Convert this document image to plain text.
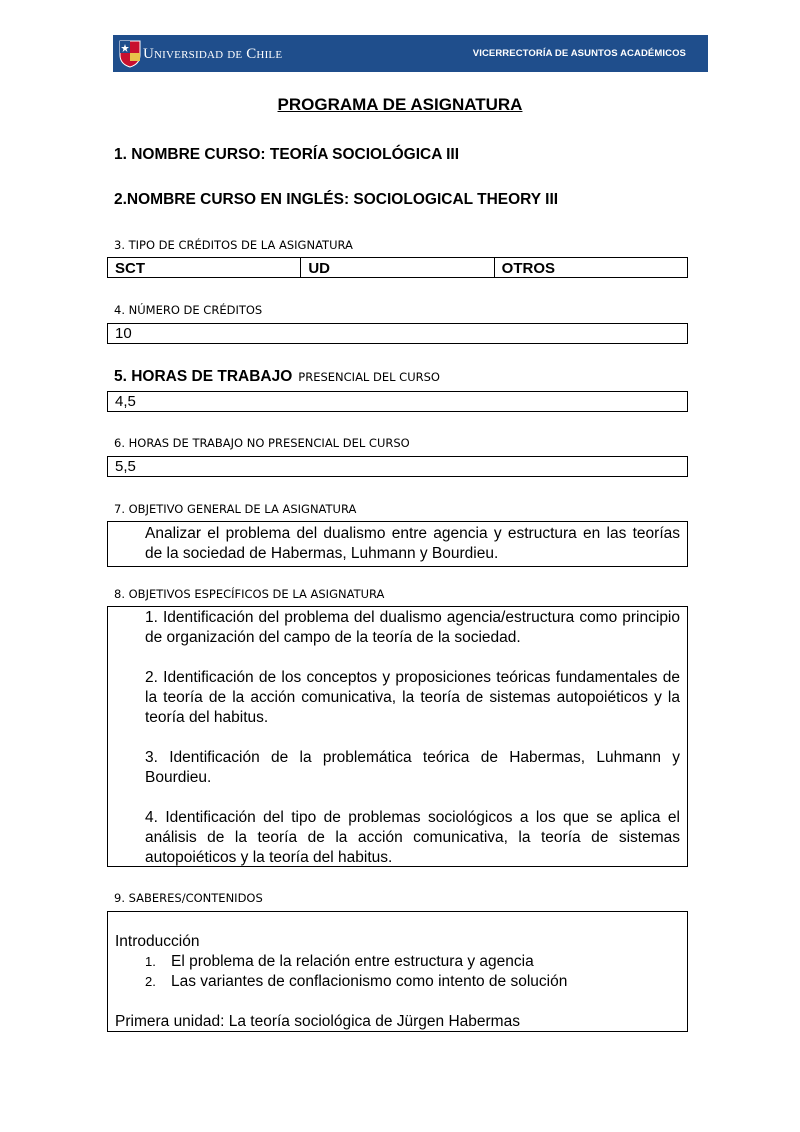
Universidad de Chile	VICERRECTORÍA DE ASUNTOS ACADÉMICOS
PROGRAMA DE ASIGNATURA
1. NOMBRE CURSO: TEORÍA SOCIOLÓGICA III
2.NOMBRE CURSO EN INGLÉS: SOCIOLOGICAL THEORY III
3. TIPO DE CRÉDITOS DE LA ASIGNATURA
SCT	UD	OTROS
4. NÚMERO DE CRÉDITOS
10
5. HORAS DE TRABAJO PRESENCIAL DEL CURSO
4,5
6. HORAS DE TRABAJO NO PRESENCIAL DEL CURSO
5,5
7. OBJETIVO GENERAL DE LA ASIGNATURA
Analizar el problema del dualismo entre agencia y estructura en las teorías de la sociedad de Habermas, Luhmann y Bourdieu.
8. OBJETIVOS ESPECÍFICOS DE LA ASIGNATURA
1. Identificación del problema del dualismo agencia/estructura como principio de organización del campo de la teoría de la sociedad.
2. Identificación de los conceptos y proposiciones teóricas fundamentales de la teoría de la acción comunicativa, la teoría de sistemas autopoiéticos y la teoría del habitus.
3. Identificación de la problemática teórica de Habermas, Luhmann y Bourdieu.
4. Identificación del tipo de problemas sociológicos a los que se aplica el análisis de la teoría de la acción comunicativa, la teoría de sistemas autopoiéticos y la teoría del habitus.
9. SABERES/CONTENIDOS
Introducción
1. El problema de la relación entre estructura y agencia
2. Las variantes de conflacionismo como intento de solución
Primera unidad: La teoría sociológica de Jürgen Habermas
